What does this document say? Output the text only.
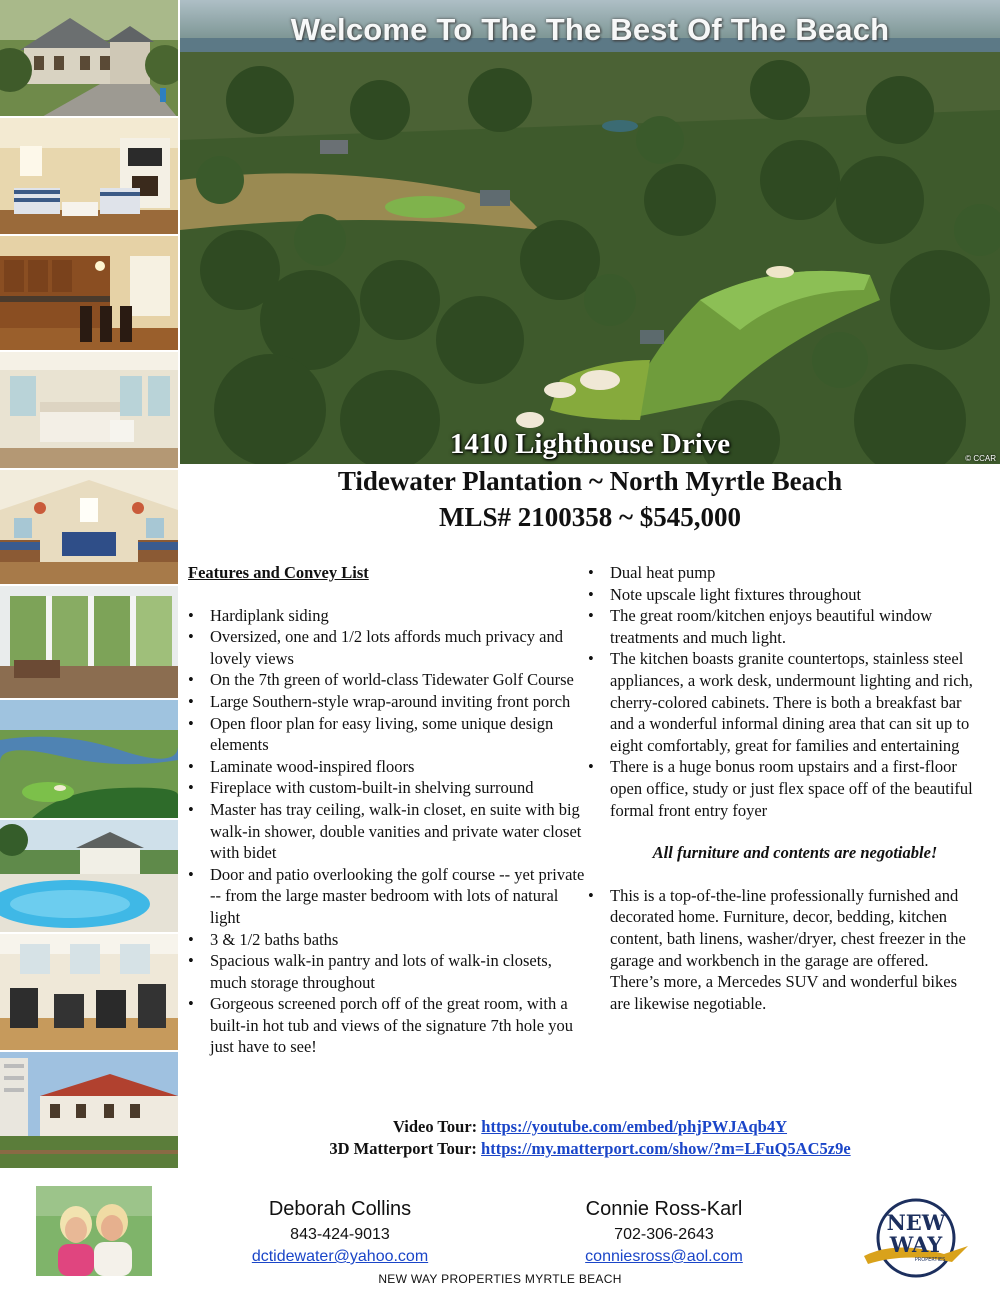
Welcome To The The Best Of The Beach
1410 Lighthouse Drive	© CCAR
Tidewater Plantation ~ North Myrtle Beach
MLS# 2100358 ~ $545,000
Features and Convey List
• Hardiplank siding
• Oversized, one and 1/2 lots affords much privacy and lovely views
• On the 7th green of world-class Tidewater Golf Course
• Large Southern-style wrap-around inviting front porch
• Open floor plan for easy living, some unique design elements
• Laminate wood-inspired floors
• Fireplace with custom-built-in shelving surround
• Master has tray ceiling, walk-in closet, en suite with big walk-in shower, double vanities and private water closet with bidet
• Door and patio overlooking the golf course -- yet private -- from the large master bedroom with lots of natural light
• 3 & 1/2 baths baths
• Spacious walk-in pantry and lots of walk-in closets, much storage throughout
• Gorgeous screened porch off of the great room, with a built-in hot tub and views of the signature 7th hole you just have to see!
• Dual heat pump
• Note upscale light fixtures throughout
• The great room/kitchen enjoys beautiful window treatments and much light.
• The kitchen boasts granite countertops, stainless steel appliances, a work desk, undermount lighting and rich, cherry-colored cabinets. There is both a breakfast bar and a wonderful informal dining area that can sit up to eight comfortably, great for families and entertaining
• There is a huge bonus room upstairs and a first-floor open office, study or just flex space off of the beautiful formal front entry foyer
All furniture and contents are negotiable!
• This is a top-of-the-line professionally furnished and decorated home. Furniture, decor, bedding, kitchen content, bath linens, washer/dryer, chest freezer in the garage and workbench in the garage are offered. There’s more, a Mercedes SUV and wonderful bikes are likewise negotiable.
Video Tour: https://youtube.com/embed/phjPWJAqb4Y
3D Matterport Tour: https://my.matterport.com/show/?m=LFuQ5AC5z9e
Deborah Collins
843-424-9013
dctidewater@yahoo.com
Connie Ross-Karl
702-306-2643
conniesross@aol.com
NEW
WAY
PROPERTIES
NEW WAY PROPERTIES MYRTLE BEACH
